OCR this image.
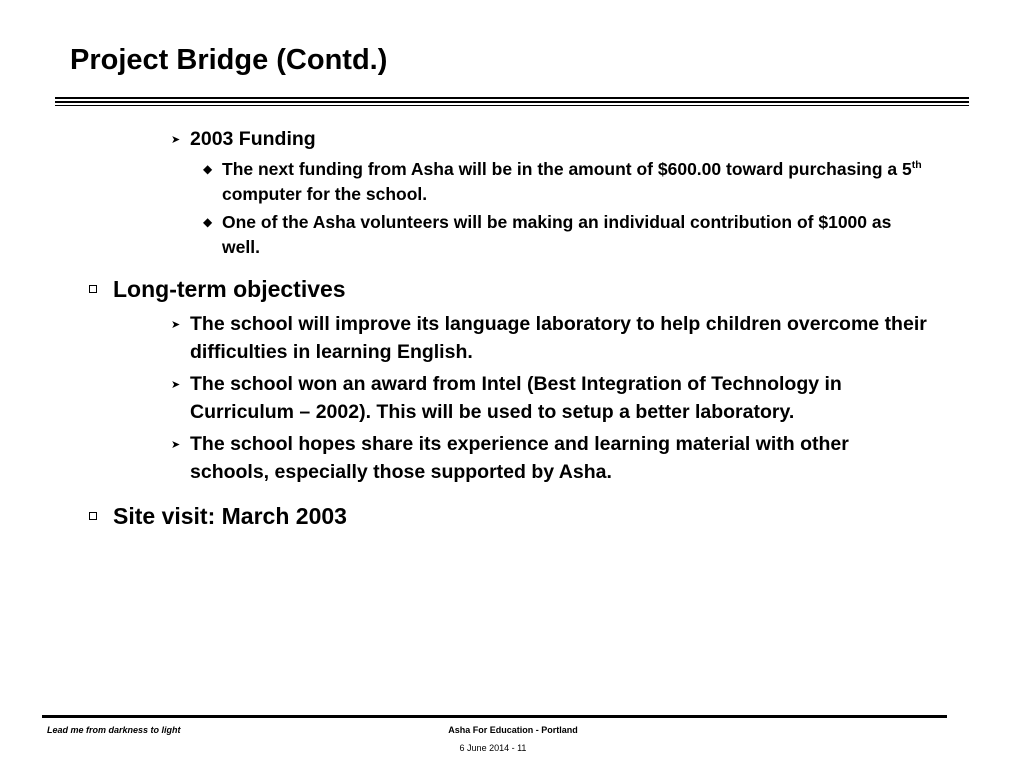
Project Bridge (Contd.)
➤ 2003 Funding
◆ The next funding from Asha will be in the amount of $600.00 toward purchasing a 5th computer for the school.
◆ One of the Asha volunteers will be making an individual contribution of $1000 as well.
Long-term objectives
➤ The school will improve its language laboratory to help children overcome their difficulties in learning English.
➤ The school won an award from Intel (Best Integration of Technology in Curriculum – 2002). This will be used to setup a better laboratory.
➤ The school hopes share its experience and learning material with other schools, especially those supported by Asha.
Site visit: March 2003
Lead me from darkness to light	Asha For Education - Portland
6 June 2014 - 11
